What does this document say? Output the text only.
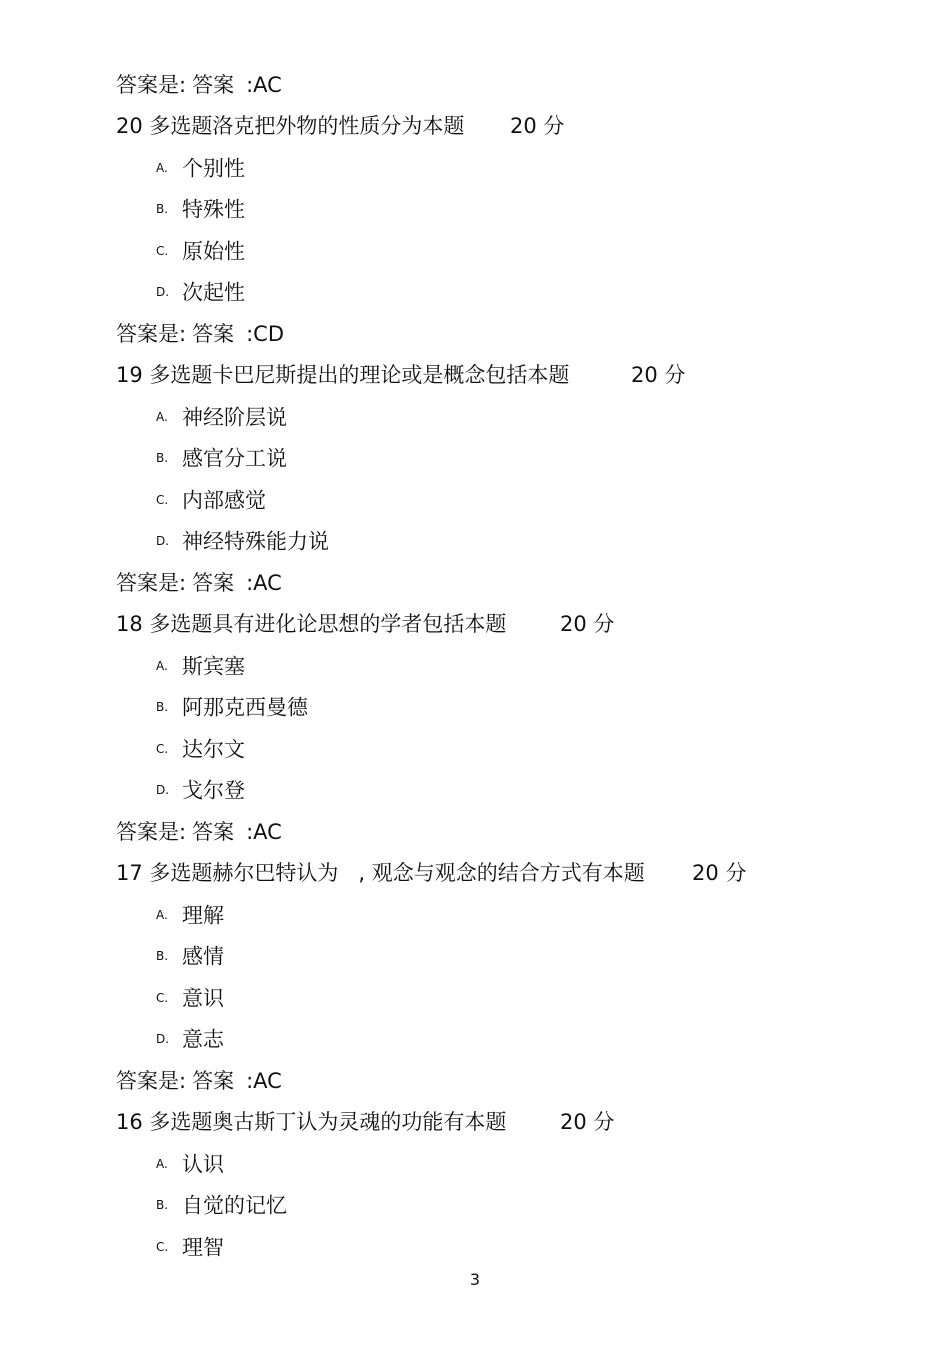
答案是: 答案 :AC
20 多选题洛克把外物的性质分为本题 20 分
A. 个别性
B. 特殊性
C. 原始性
D. 次起性
答案是: 答案 :CD
19 多选题卡巴尼斯提出的理论或是概念包括本题	20 分
A. 神经阶层说
B. 感官分工说
C. 内部感觉
D. 神经特殊能力说
答案是: 答案 :AC
18 多选题具有进化论思想的学者包括本题	20 分
A. 斯宾塞
B. 阿那克西曼德
C. 达尔文
D. 戈尔登
答案是: 答案 :AC
17 多选题赫尔巴特认为   , 观念与观念的结合方式有本题 20 分
A. 理解
B. 感情
C. 意识
D. 意志
答案是: 答案 :AC
16 多选题奥古斯丁认为灵魂的功能有本题	20 分
A. 认识
B. 自觉的记忆
C. 理智
3
